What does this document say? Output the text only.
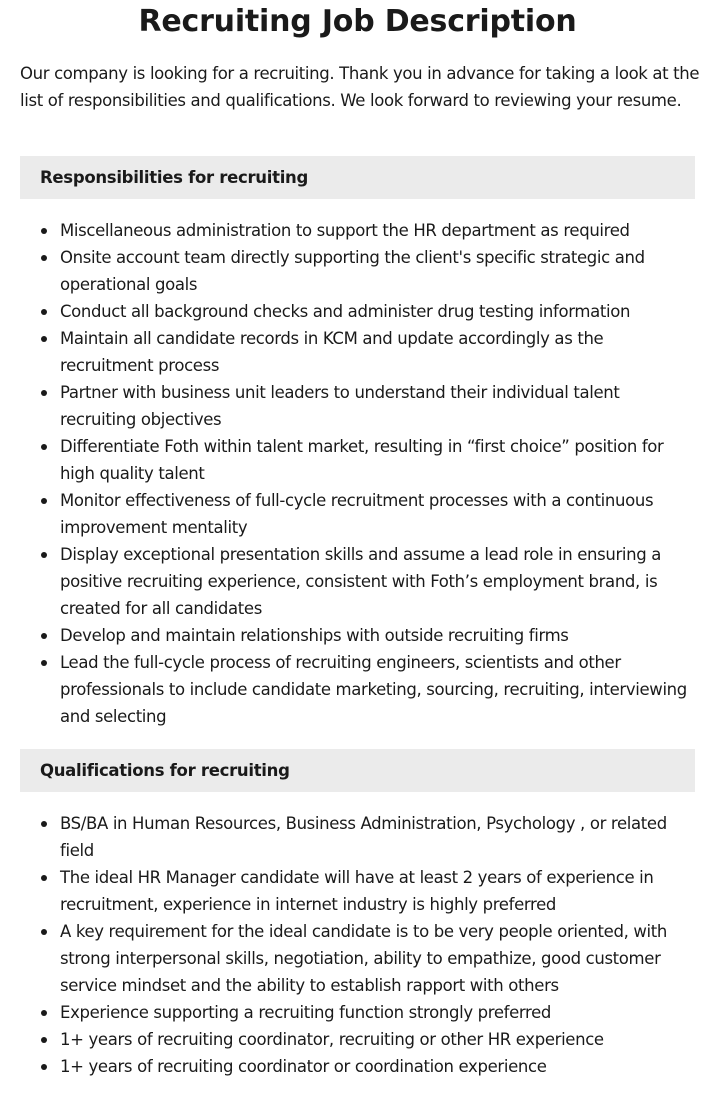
Recruiting Job Description

Our company is looking for a recruiting. Thank you in advance for taking a look at the list of responsibilities and qualifications. We look forward to reviewing your resume.

Responsibilities for recruiting
Miscellaneous administration to support the HR department as required
Onsite account team directly supporting the client's specific strategic and operational goals
Conduct all background checks and administer drug testing information
Maintain all candidate records in KCM and update accordingly as the recruitment process
Partner with business unit leaders to understand their individual talent recruiting objectives
Differentiate Foth within talent market, resulting in “first choice” position for high quality talent
Monitor effectiveness of full-cycle recruitment processes with a continuous improvement mentality
Display exceptional presentation skills and assume a lead role in ensuring a positive recruiting experience, consistent with Foth’s employment brand, is created for all candidates
Develop and maintain relationships with outside recruiting firms
Lead the full-cycle process of recruiting engineers, scientists and other professionals to include candidate marketing, sourcing, recruiting, interviewing and selecting
Qualifications for recruiting
BS/BA in Human Resources, Business Administration, Psychology , or related field
The ideal HR Manager candidate will have at least 2 years of experience in recruitment, experience in internet industry is highly preferred
A key requirement for the ideal candidate is to be very people oriented, with strong interpersonal skills, negotiation, ability to empathize, good customer service mindset and the ability to establish rapport with others
Experience supporting a recruiting function strongly preferred
1+ years of recruiting coordinator, recruiting or other HR experience
1+ years of recruiting coordinator or coordination experience
